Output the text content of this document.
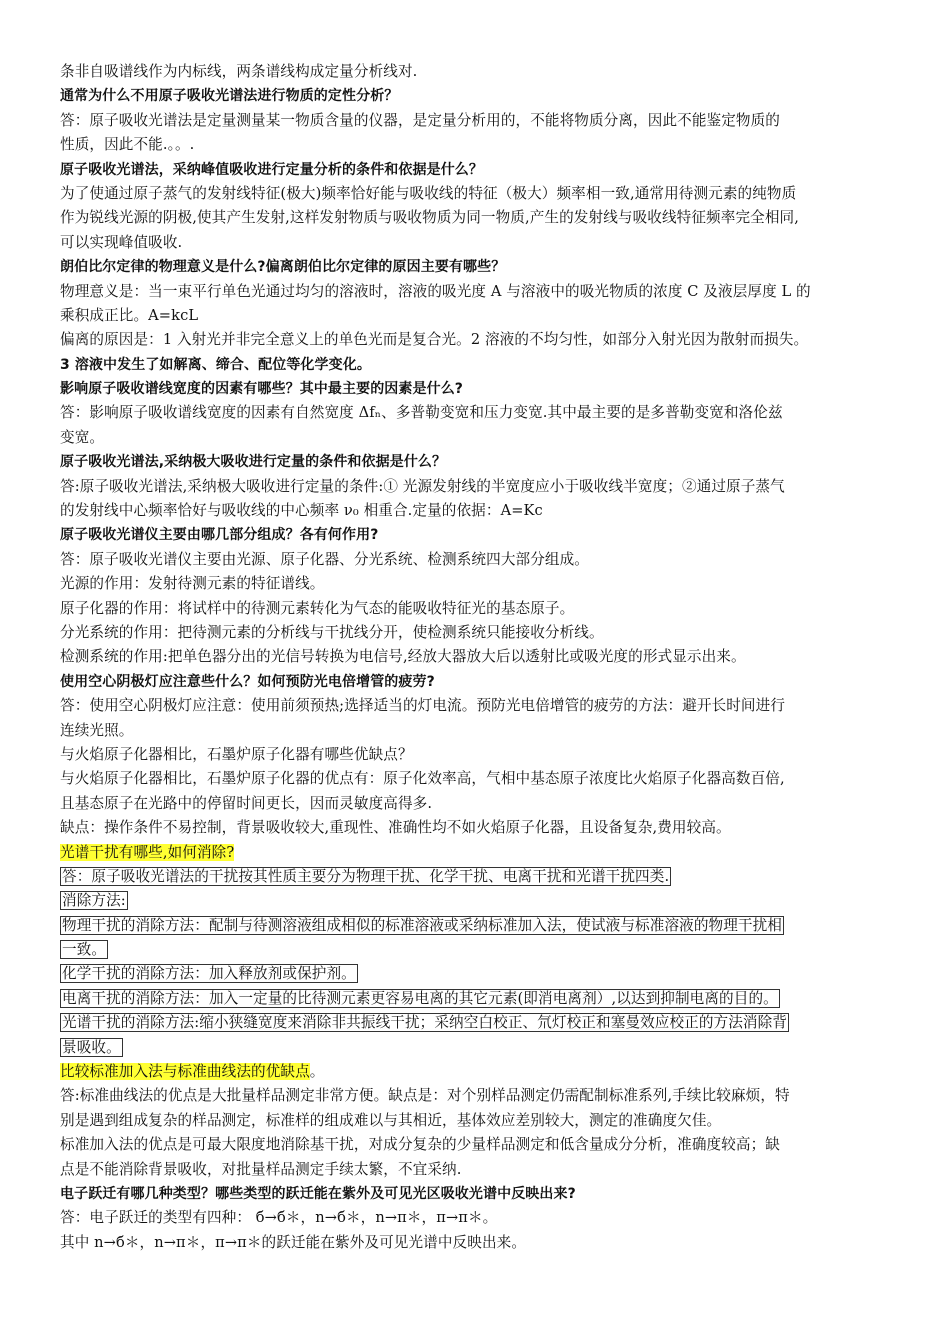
条非自吸谱线作为内标线，两条谱线构成定量分析线对.
通常为什么不用原子吸收光谱法进行物质的定性分析？
答：原子吸收光谱法是定量测量某一物质含量的仪器，是定量分析用的，不能将物质分离，因此不能鉴定物质的
性质，因此不能.。。.
原子吸收光谱法，采纳峰值吸收进行定量分析的条件和依据是什么？
为了使通过原子蒸气的发射线特征(极大)频率恰好能与吸收线的特征（极大）频率相一致,通常用待测元素的纯物质
作为锐线光源的阴极,使其产生发射,这样发射物质与吸收物质为同一物质,产生的发射线与吸收线特征频率完全相同,
可以实现峰值吸收.
朗伯比尔定律的物理意义是什么?偏离朗伯比尔定律的原因主要有哪些？
物理意义是：当一束平行单色光通过均匀的溶液时，溶液的吸光度 A 与溶液中的吸光物质的浓度 C 及液层厚度 L 的
乘积成正比。A=kcL
偏离的原因是：1 入射光并非完全意义上的单色光而是复合光。2 溶液的不均匀性，如部分入射光因为散射而损失。
3 溶液中发生了如解离、缔合、配位等化学变化。
影响原子吸收谱线宽度的因素有哪些？其中最主要的因素是什么?
答：影响原子吸收谱线宽度的因素有自然宽度 Δfₙ、多普勒变宽和压力变宽.其中最主要的是多普勒变宽和洛伦兹
变宽。
原子吸收光谱法,采纳极大吸收进行定量的条件和依据是什么？
答:原子吸收光谱法,采纳极大吸收进行定量的条件:① 光源发射线的半宽度应小于吸收线半宽度；②通过原子蒸气
的发射线中心频率恰好与吸收线的中心频率 ν₀ 相重合.定量的依据：A=Kc
原子吸收光谱仪主要由哪几部分组成？各有何作用?
答：原子吸收光谱仪主要由光源、原子化器、分光系统、检测系统四大部分组成。
光源的作用：发射待测元素的特征谱线。
原子化器的作用：将试样中的待测元素转化为气态的能吸收特征光的基态原子。
分光系统的作用：把待测元素的分析线与干扰线分开，使检测系统只能接收分析线。
检测系统的作用:把单色器分出的光信号转换为电信号,经放大器放大后以透射比或吸光度的形式显示出来。
使用空心阴极灯应注意些什么？如何预防光电倍增管的疲劳?
答：使用空心阴极灯应注意：使用前须预热;选择适当的灯电流。预防光电倍增管的疲劳的方法：避开长时间进行
连续光照。
与火焰原子化器相比，石墨炉原子化器有哪些优缺点？
与火焰原子化器相比，石墨炉原子化器的优点有：原子化效率高，气相中基态原子浓度比火焰原子化器高数百倍,
且基态原子在光路中的停留时间更长，因而灵敏度高得多.
缺点：操作条件不易控制，背景吸收较大,重现性、准确性均不如火焰原子化器，且设备复杂,费用较高。
光谱干扰有哪些,如何消除?
答：原子吸收光谱法的干扰按其性质主要分为物理干扰、化学干扰、电离干扰和光谱干扰四类.
消除方法:
物理干扰的消除方法：配制与待测溶液组成相似的标准溶液或采纳标准加入法，使试液与标准溶液的物理干扰相
一致。
化学干扰的消除方法：加入释放剂或保护剂。
电离干扰的消除方法：加入一定量的比待测元素更容易电离的其它元素(即消电离剂）,以达到抑制电离的目的。
光谱干扰的消除方法:缩小狭缝宽度来消除非共振线干扰；采纳空白校正、氘灯校正和塞曼效应校正的方法消除背
景吸收。
比较标准加入法与标准曲线法的优缺点。
答:标准曲线法的优点是大批量样品测定非常方便。缺点是：对个别样品测定仍需配制标准系列,手续比较麻烦，特
别是遇到组成复杂的样品测定，标准样的组成难以与其相近，基体效应差别较大，测定的准确度欠佳。
标准加入法的优点是可最大限度地消除基干扰，对成分复杂的少量样品测定和低含量成分分析，准确度较高；缺
点是不能消除背景吸收，对批量样品测定手续太繁，不宜采纳.
电子跃迁有哪几种类型？哪些类型的跃迁能在紫外及可见光区吸收光谱中反映出来?
答：电子跃迁的类型有四种： б→б＊，n→б＊，n→π＊，π→π＊。
其中 n→б＊，n→π＊，π→π＊的跃迁能在紫外及可见光谱中反映出来。
